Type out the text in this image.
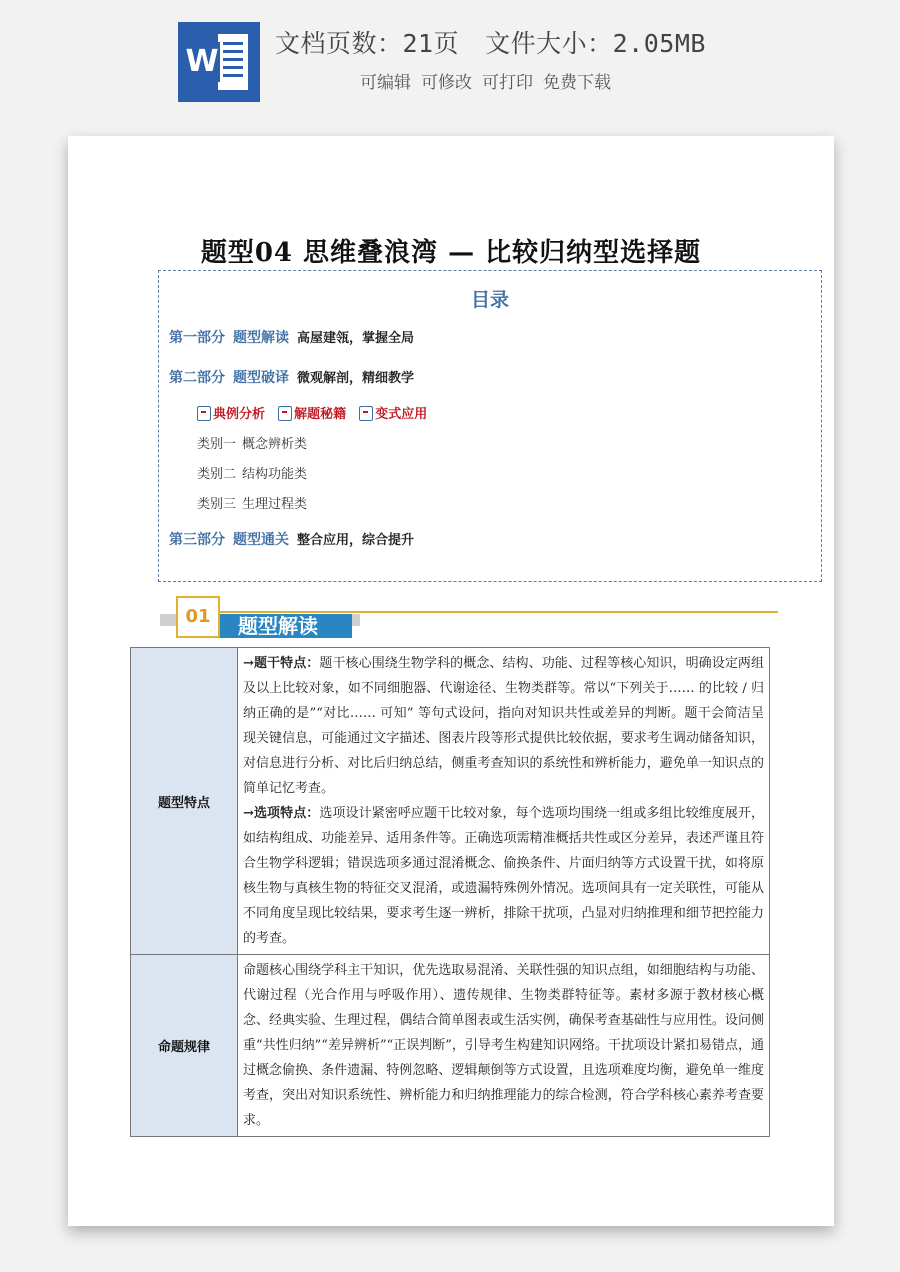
W
文档页数：21页 文件大小：2.05MB
可编辑 可修改 可打印 免费下载
题型04 思维叠浪湾 — 比较归纳型选择题
目录
第一部分 题型解读 高屋建瓴，掌握全局
第二部分 题型破译 微观解剖，精细教学
典例分析 解题秘籍 变式应用
类别一 概念辨析类
类别二 结构功能类
类别三 生理过程类
第三部分 题型通关 整合应用，综合提升
题型解读
01
题型特点	→题干特点：题干核心围绕生物学科的概念、结构、功能、过程等核心知识，明确设定两组及以上比较对象，如不同细胞器、代谢途径、生物类群等。常以“下列关于…… 的比较 / 归纳正确的是”“对比…… 可知” 等句式设问，指向对知识共性或差异的判断。题干会简洁呈现关键信息，可能通过文字描述、图表片段等形式提供比较依据，要求考生调动储备知识，对信息进行分析、对比后归纳总结，侧重考查知识的系统性和辨析能力，避免单一知识点的简单记忆考查。
→选项特点：选项设计紧密呼应题干比较对象，每个选项均围绕一组或多组比较维度展开，如结构组成、功能差异、适用条件等。正确选项需精准概括共性或区分差异，表述严谨且符合生物学科逻辑；错误选项多通过混淆概念、偷换条件、片面归纳等方式设置干扰，如将原核生物与真核生物的特征交叉混淆，或遗漏特殊例外情况。选项间具有一定关联性，可能从不同角度呈现比较结果，要求考生逐一辨析，排除干扰项，凸显对归纳推理和细节把控能力的考查。

命题规律	命题核心围绕学科主干知识，优先选取易混淆、关联性强的知识点组，如细胞结构与功能、代谢过程（光合作用与呼吸作用）、遗传规律、生物类群特征等。素材多源于教材核心概念、经典实验、生理过程，偶结合简单图表或生活实例，确保考查基础性与应用性。设问侧重“共性归纳”“差异辨析”“正误判断”，引导考生构建知识网络。干扰项设计紧扣易错点，通过概念偷换、条件遗漏、特例忽略、逻辑颠倒等方式设置，且选项难度均衡，避免单一维度考查，突出对知识系统性、辨析能力和归纳推理能力的综合检测，符合学科核心素养考查要求。
